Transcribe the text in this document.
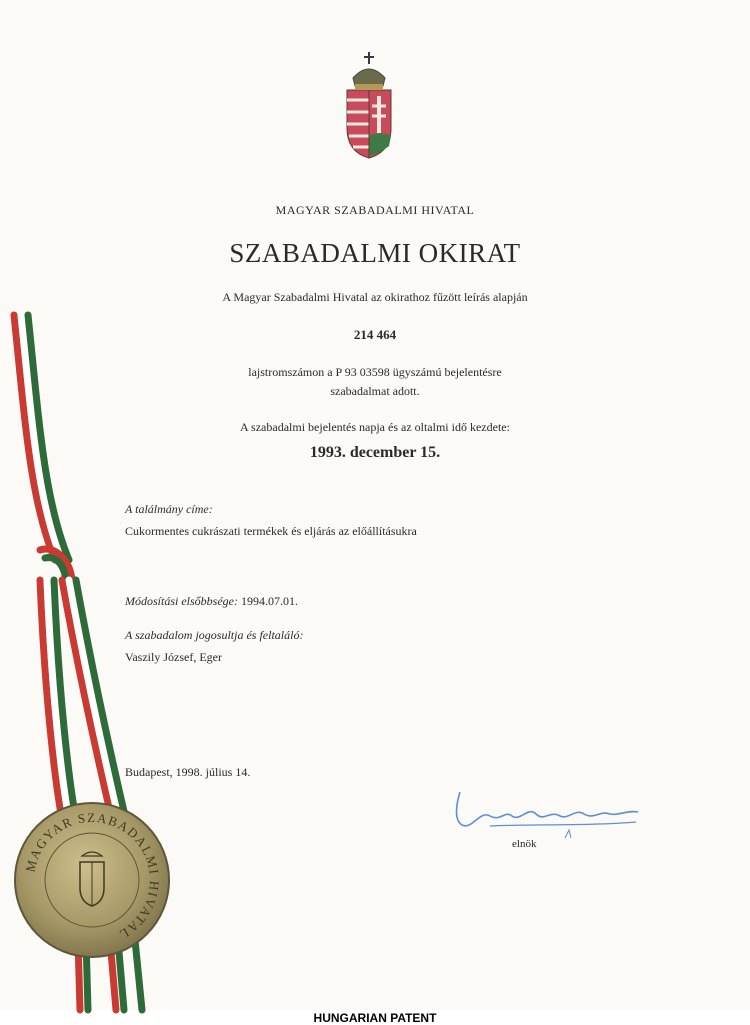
MAGYAR SZABADALMI HIVATAL
SZABADALMI OKIRAT
A Magyar Szabadalmi Hivatal az okirathoz fűzött leírás alapján
214 464
lajstromszámon a P 93 03598 ügyszámú bejelentésre
szabadalmat adott.
A szabadalmi bejelentés napja és az oltalmi idő kezdete:
1993. december 15.
A találmány címe:
Cukormentes cukrászati termékek és eljárás az előállításukra
Módosítási elsőbbsége: 1994.07.01.
A szabadalom jogosultja és feltaláló:
Vaszily József, Eger
Budapest, 1998. július 14.
elnök
MAGYAR SZABADALMI HIVATAL
HUNGARIAN PATENT
